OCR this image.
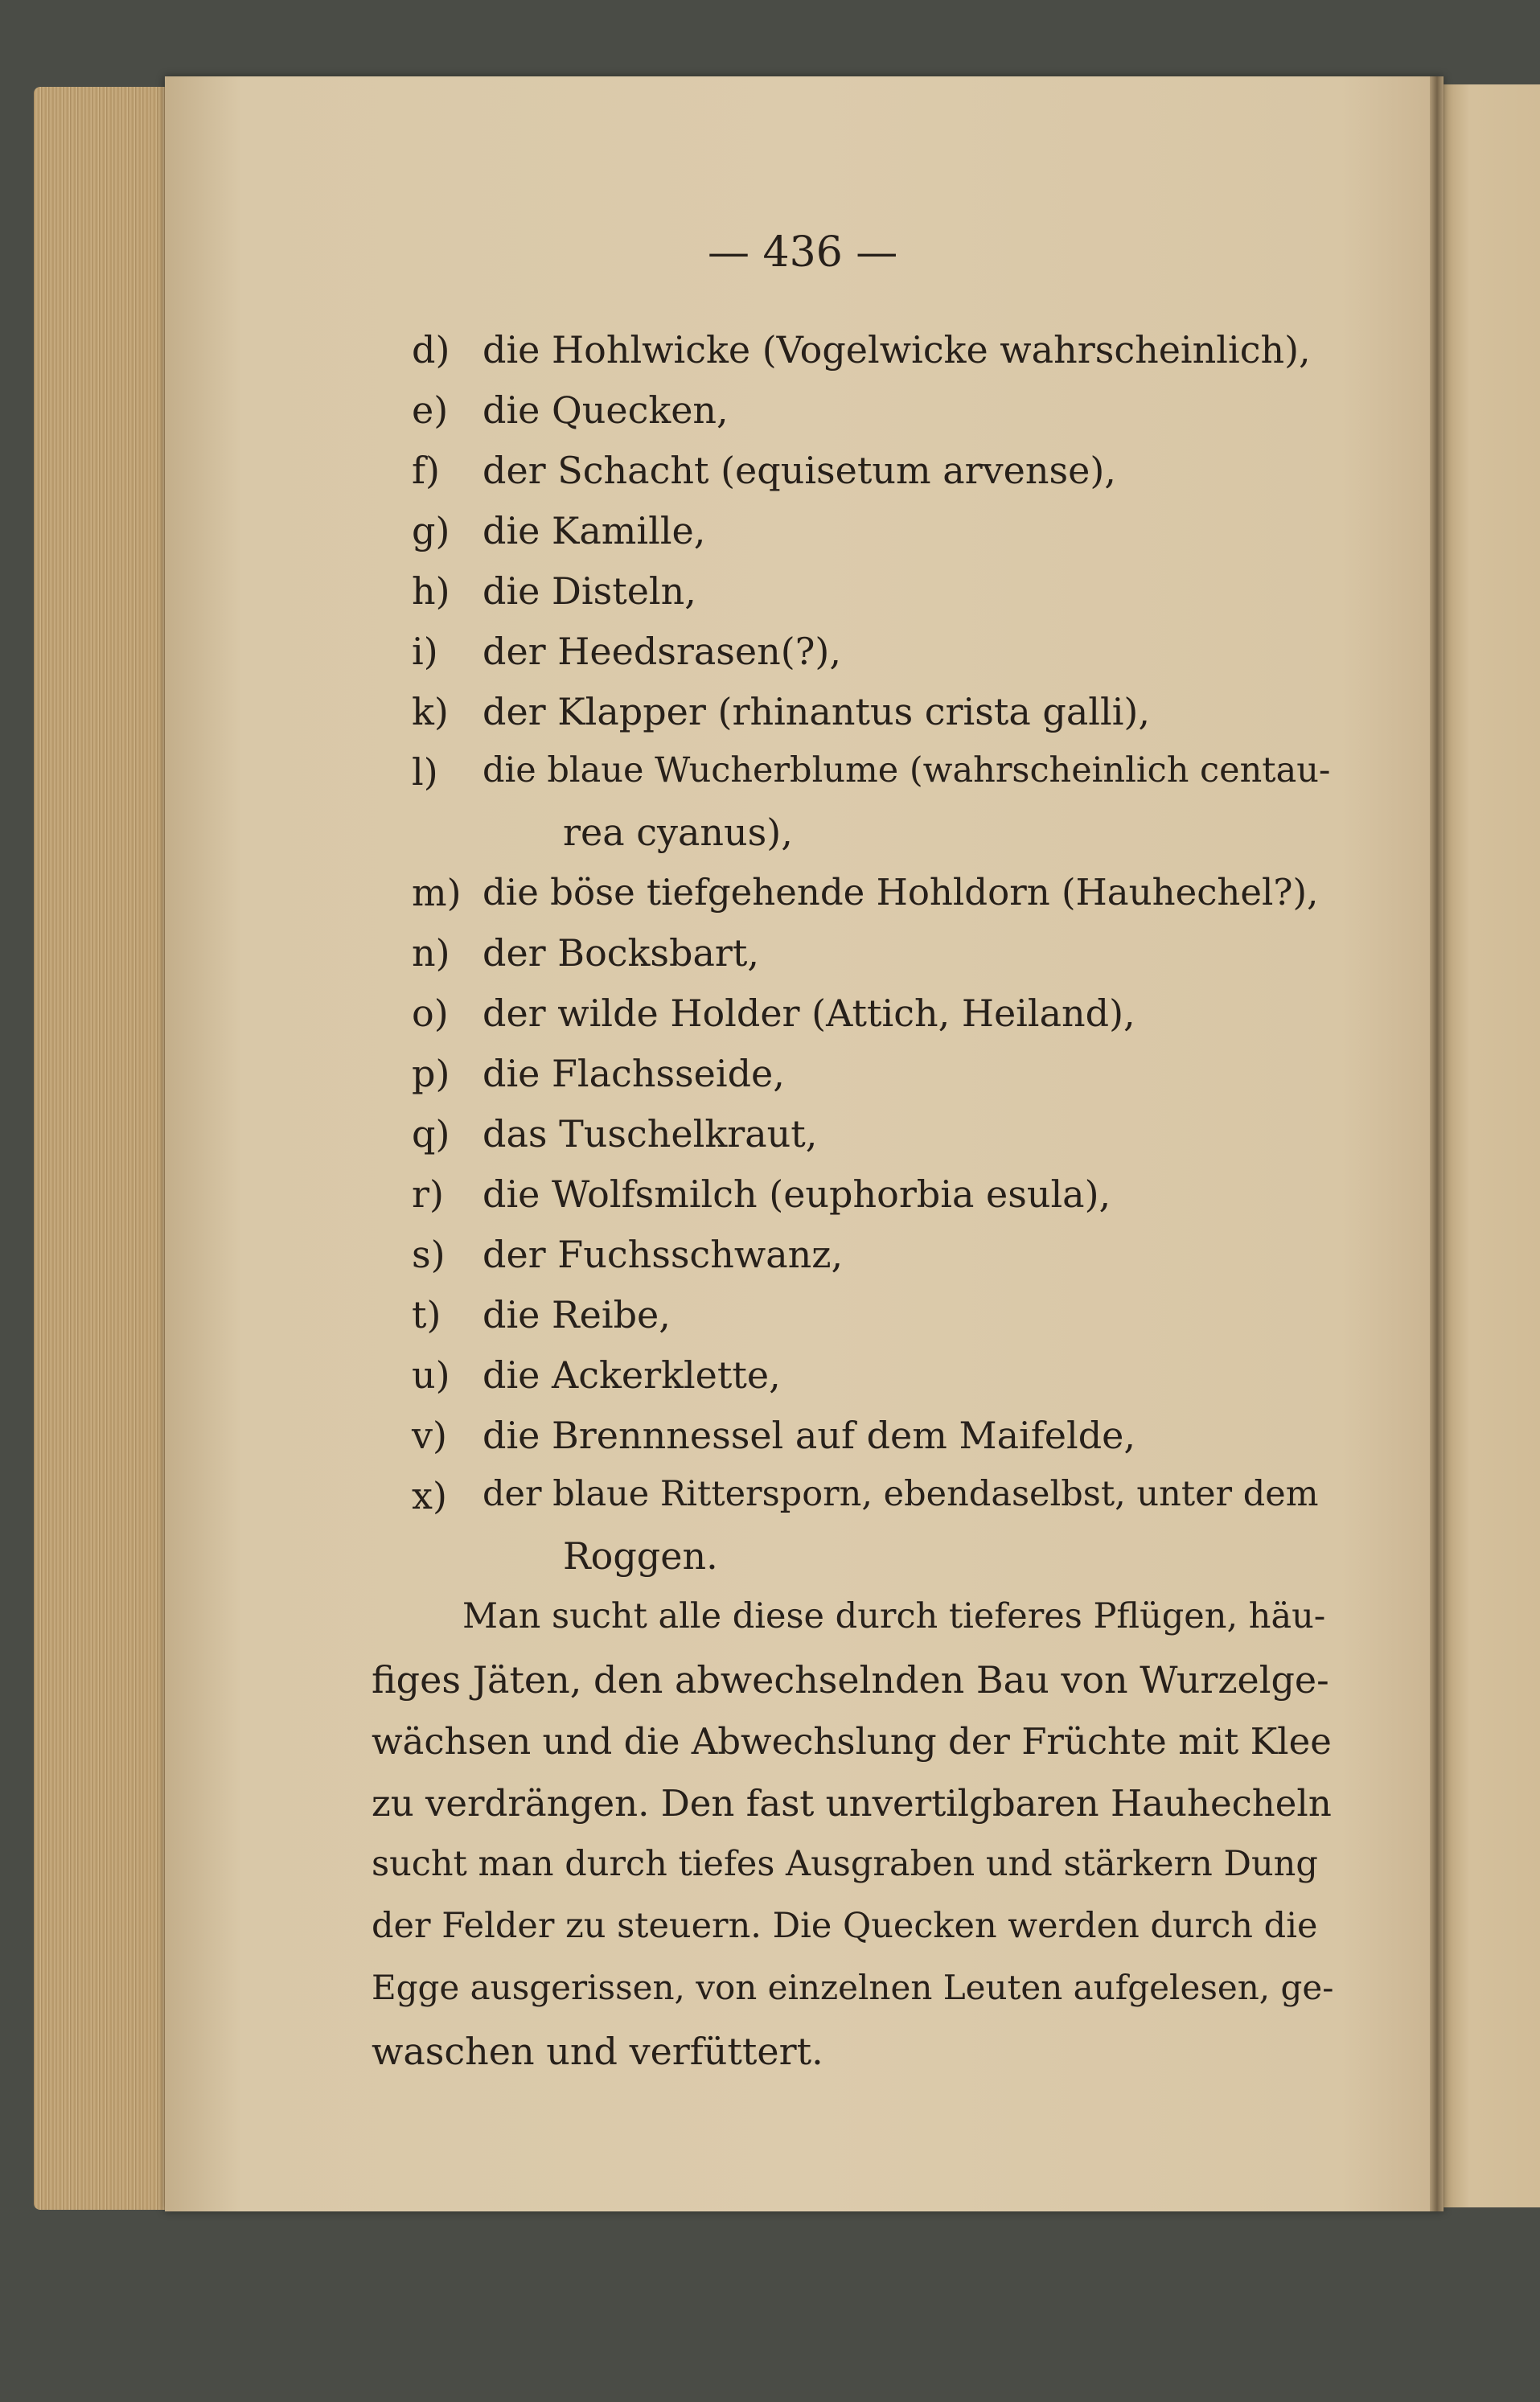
— 436 —
d) die Hohlwicke (Vogelwicke wahrscheinlich),
e) die Quecken,
f) der Schacht (equisetum arvense),
g) die Kamille,
h) die Disteln,
i) der Heedsrasen(?),
k) der Klapper (rhinantus crista galli),
l) die blaue Wucherblume (wahrscheinlich centau-
rea cyanus),
m) die böse tiefgehende Hohldorn (Hauhechel?),
n) der Bocksbart,
o) der wilde Holder (Attich, Heiland),
p) die Flachsseide,
q) das Tuschelkraut,
r) die Wolfsmilch (euphorbia esula),
s) der Fuchsschwanz,
t) die Reibe,
u) die Ackerklette,
v) die Brennnessel auf dem Maifelde,
x) der blaue Rittersporn, ebendaselbst, unter dem
Roggen.
Man sucht alle diese durch tieferes Pflügen, häu-
figes Jäten, den abwechselnden Bau von Wurzelge-
wächsen und die Abwechslung der Früchte mit Klee
zu verdrängen. Den fast unvertilgbaren Hauhecheln
sucht man durch tiefes Ausgraben und stärkern Dung
der Felder zu steuern. Die Quecken werden durch die
Egge ausgerissen, von einzelnen Leuten aufgelesen, ge-
waschen und verfüttert.
